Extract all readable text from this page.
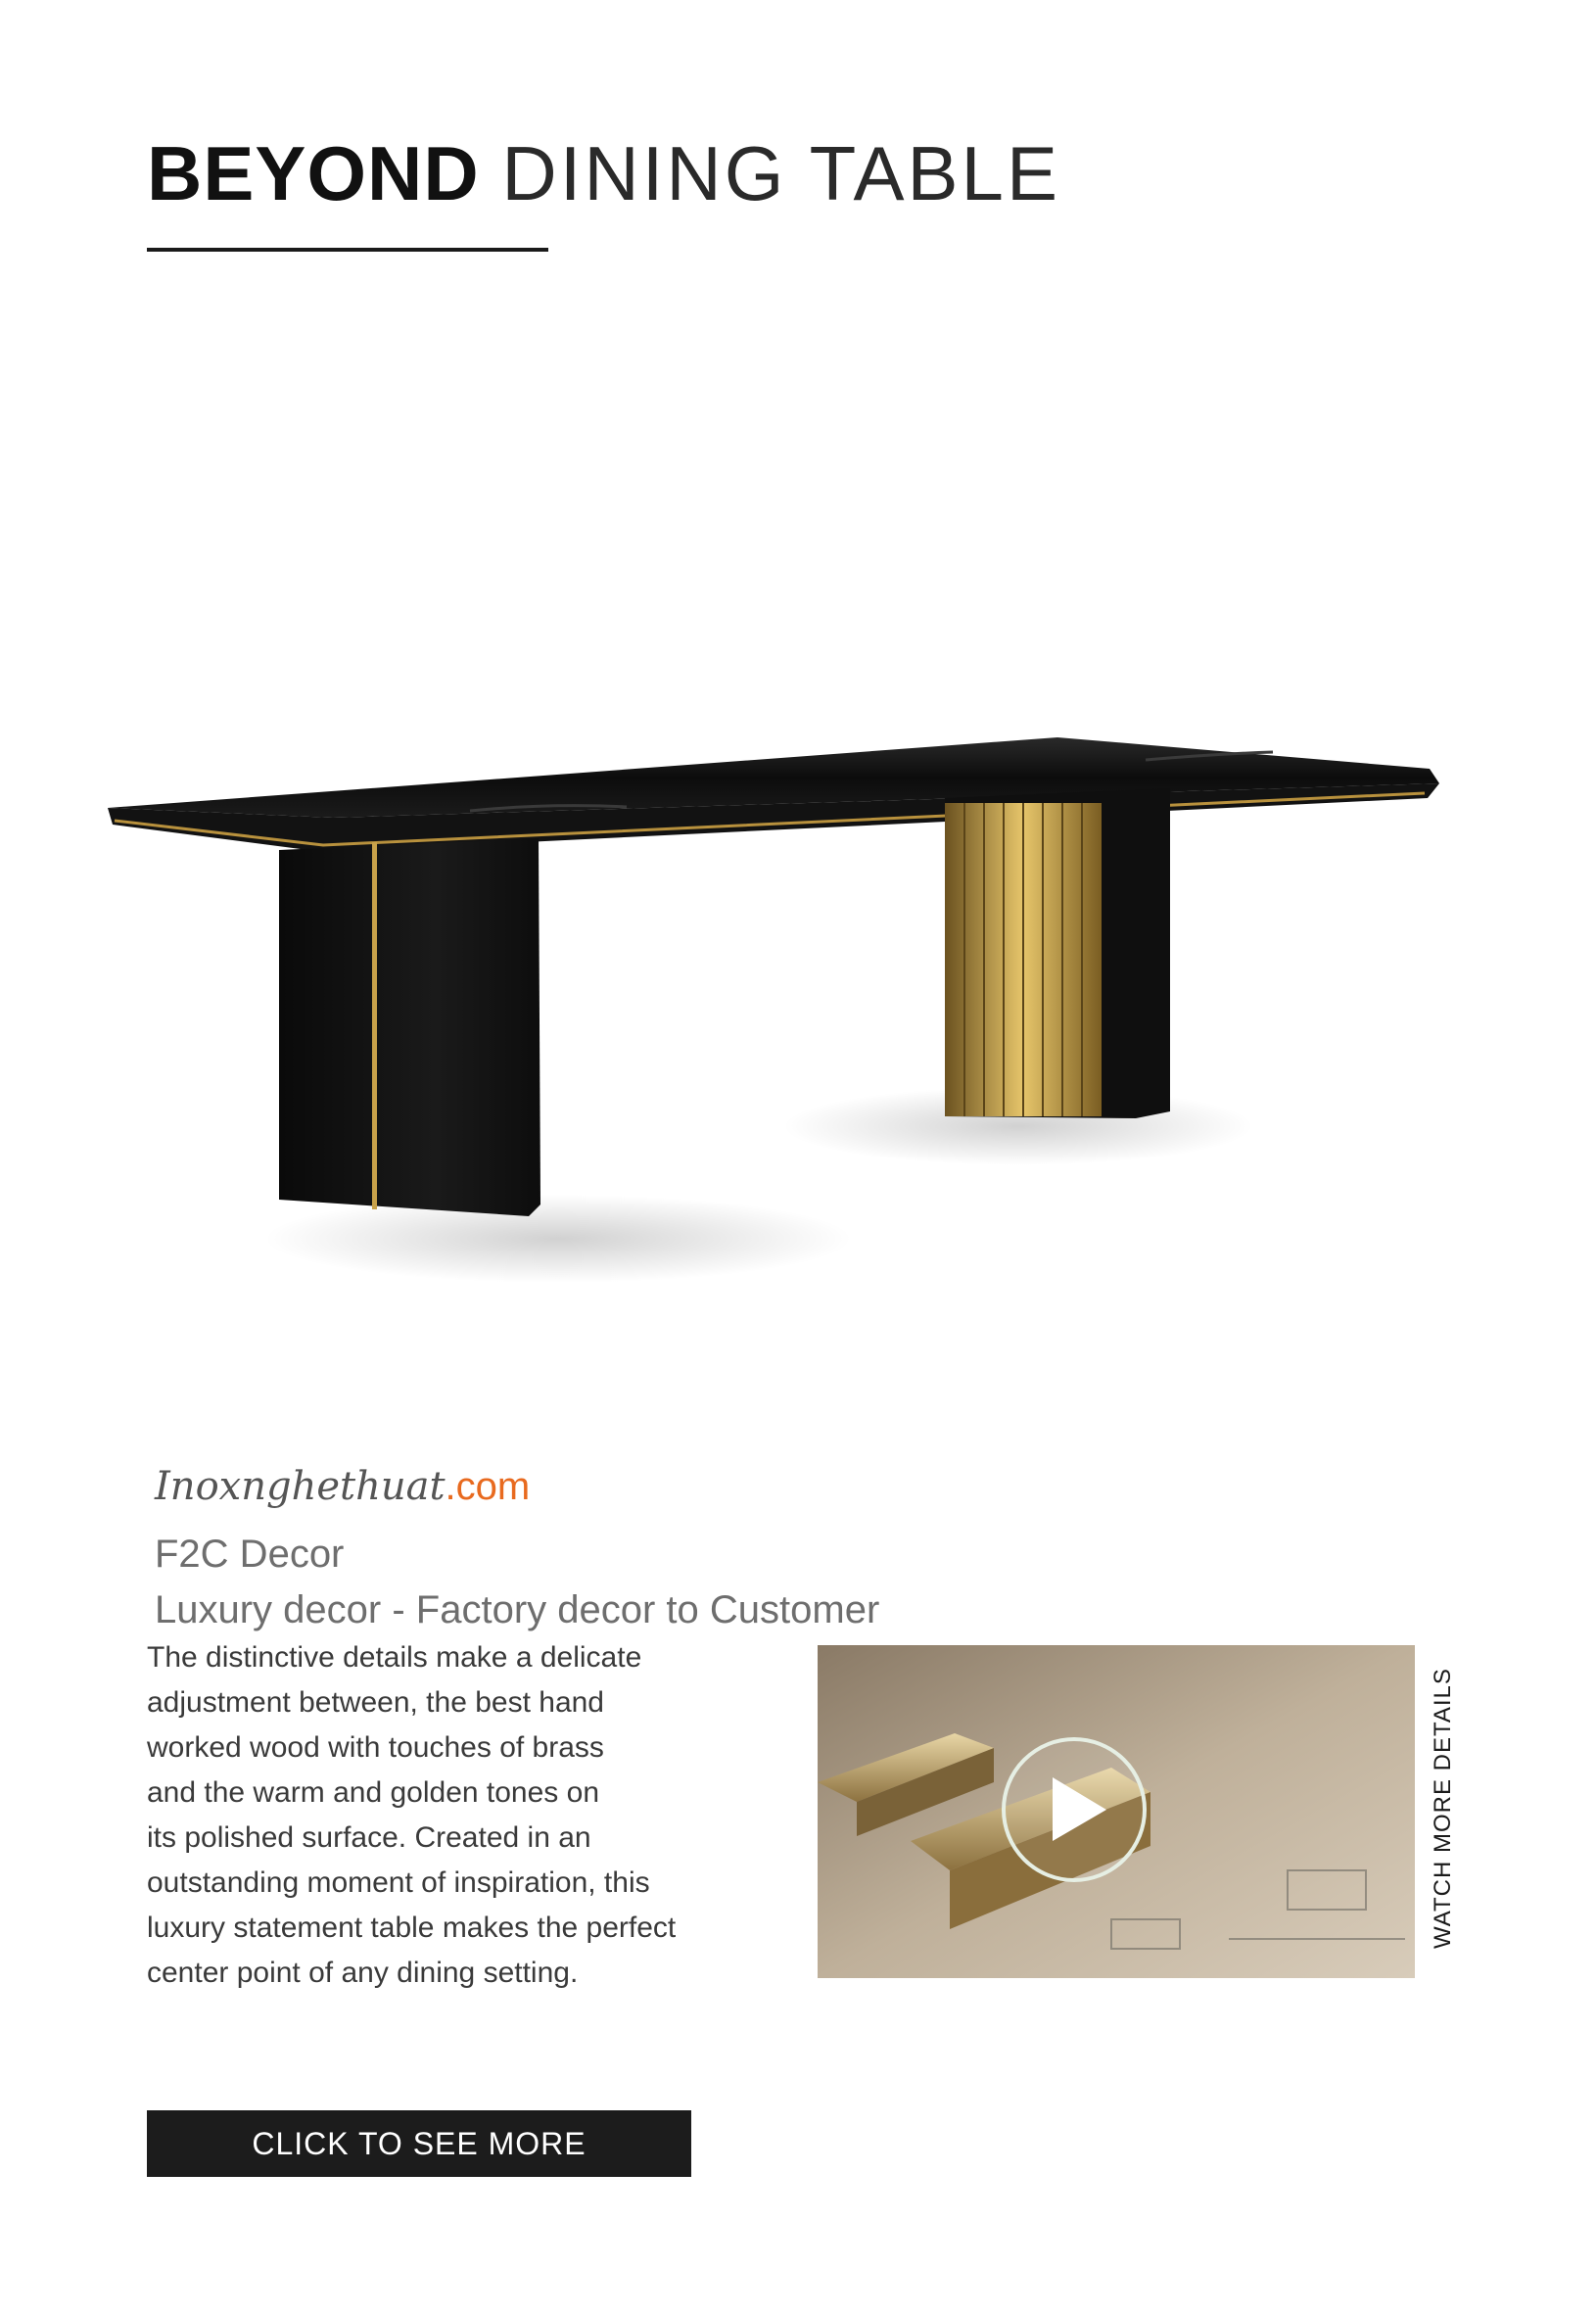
BEYOND DINING TABLE
Inoxnghethuat.com

F2C Decor

Luxury decor - Factory decor to Customer

The distinctive details make a delicate
adjustment between, the best hand
worked wood with touches of brass
and the warm and golden tones on
its polished surface. Created in an
outstanding moment of inspiration, this
luxury statement table makes the perfect
center point of any dining setting.
WATCH MORE DETAILS
CLICK TO SEE MORE
